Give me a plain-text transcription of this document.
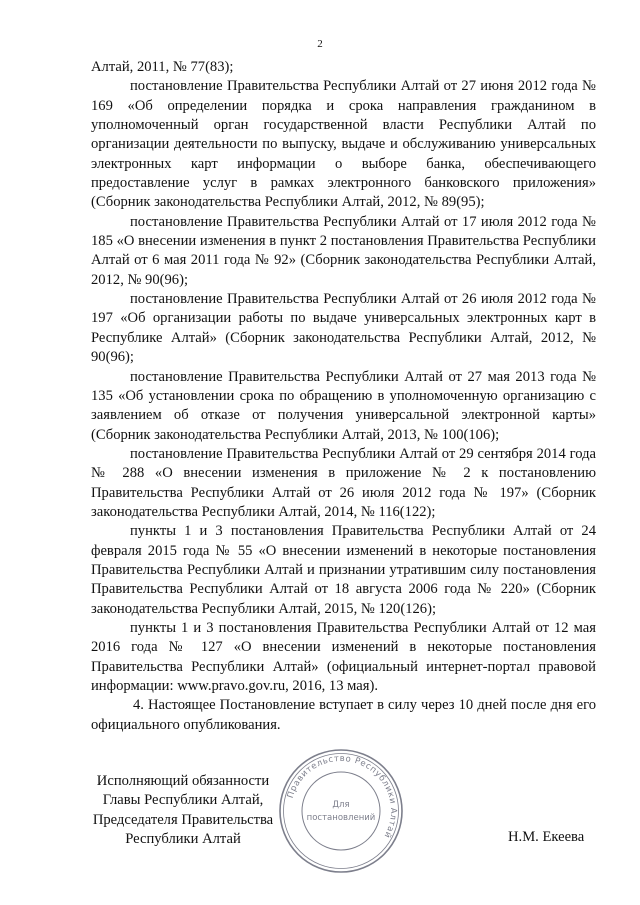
2

Алтай, 2011, № 77(83);

постановление Правительства Республики Алтай от 27 июня 2012 года № 169 «Об определении порядка и срока направления гражданином в уполномоченный орган государственной власти Республики Алтай по организации деятельности по выпуску, выдаче и обслуживанию универсальных электронных карт информации о выборе банка, обеспечивающего предоставление услуг в рамках электронного банковского приложения» (Сборник законодательства Республики Алтай, 2012, № 89(95);

постановление Правительства Республики Алтай от 17 июля 2012 года № 185 «О внесении изменения в пункт 2 постановления Правительства Республики Алтай от 6 мая 2011 года № 92» (Сборник законодательства Республики Алтай, 2012, № 90(96);

постановление Правительства Республики Алтай от 26 июля 2012 года № 197 «Об организации работы по выдаче универсальных электронных карт в Республике Алтай» (Сборник законодательства Республики Алтай, 2012, № 90(96);

постановление Правительства Республики Алтай от 27 мая 2013 года № 135 «Об установлении срока по обращению в уполномоченную организацию с заявлением об отказе от получения универсальной электронной карты» (Сборник законодательства Республики Алтай, 2013, № 100(106);

постановление Правительства Республики Алтай от 29 сентября 2014 года № 288 «О внесении изменения в приложение № 2 к постановлению Правительства Республики Алтай от 26 июля 2012 года № 197» (Сборник законодательства Республики Алтай, 2014, № 116(122);

пункты 1 и 3 постановления Правительства Республики Алтай от 24 февраля 2015 года № 55 «О внесении изменений в некоторые постановления Правительства Республики Алтай и признании утратившим силу постановления Правительства Республики Алтай от 18 августа 2006 года № 220» (Сборник законодательства Республики Алтай, 2015, № 120(126);

пункты 1 и 3 постановления Правительства Республики Алтай от 12 мая 2016 года № 127 «О внесении изменений в некоторые постановления Правительства Республики Алтай» (официальный интернет-портал правовой информации: www.pravo.gov.ru, 2016, 13 мая).

4. Настоящее Постановление вступает в силу через 10 дней после дня его официального опубликования.

Исполняющий обязанности
Главы Республики Алтай,
Председателя Правительства
Республики Алтай	Н.М. Екеева
Правительство Республики Алтай
Для
постановлений
